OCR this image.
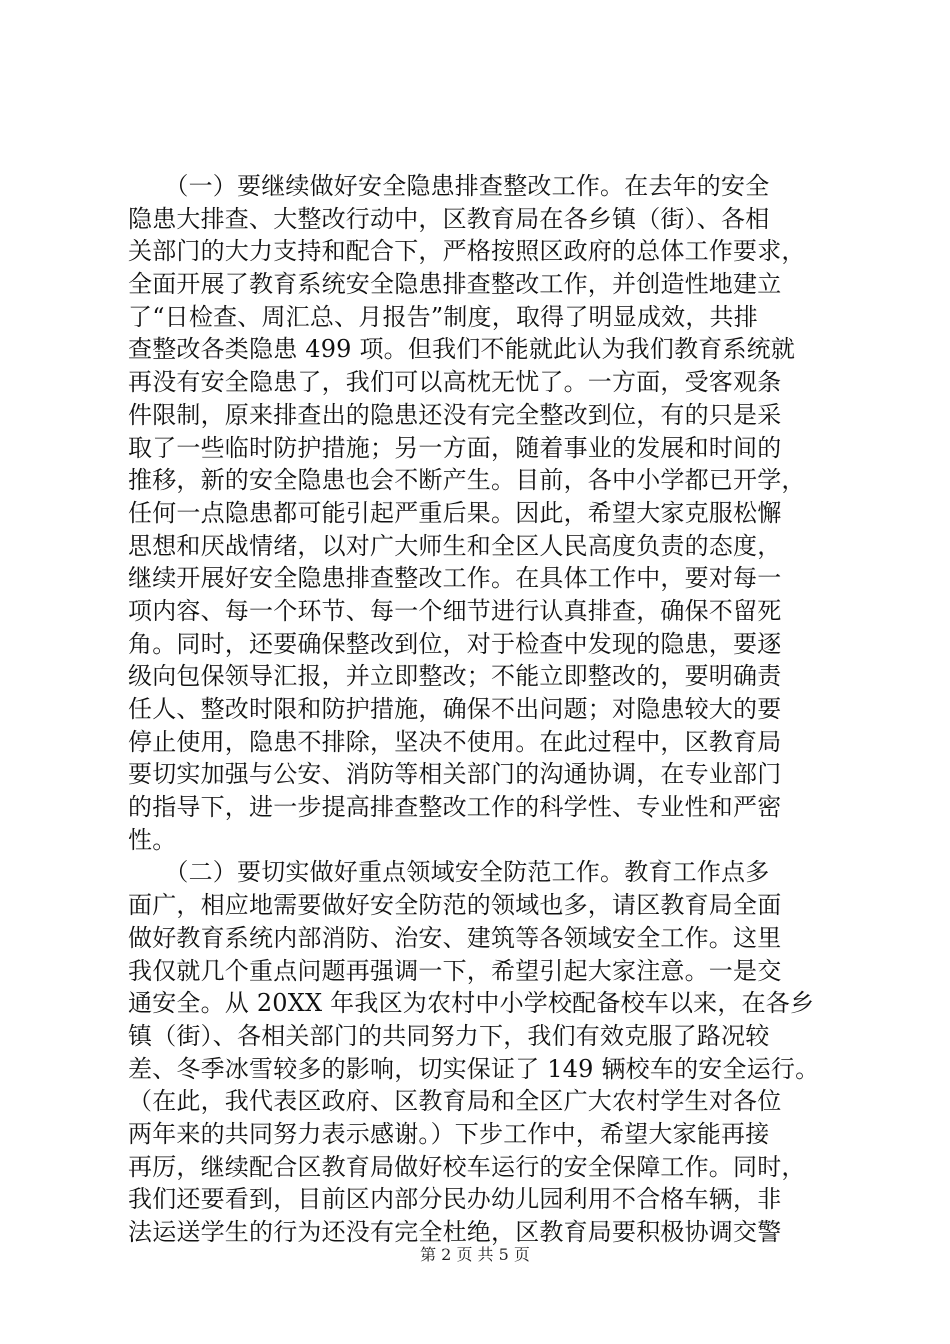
　　（一）要继续做好安全隐患排查整改工作。在去年的安全
隐患大排查、大整改行动中，区教育局在各乡镇（街）、各相
关部门的大力支持和配合下，严格按照区政府的总体工作要求，
全面开展了教育系统安全隐患排查整改工作，并创造性地建立
了“日检查、周汇总、月报告”制度，取得了明显成效，共排
查整改各类隐患 499 项。但我们不能就此认为我们教育系统就
再没有安全隐患了，我们可以高枕无忧了。一方面，受客观条
件限制，原来排查出的隐患还没有完全整改到位，有的只是采
取了一些临时防护措施；另一方面，随着事业的发展和时间的
推移，新的安全隐患也会不断产生。目前，各中小学都已开学，
任何一点隐患都可能引起严重后果。因此，希望大家克服松懈
思想和厌战情绪，以对广大师生和全区人民高度负责的态度，
继续开展好安全隐患排查整改工作。在具体工作中，要对每一
项内容、每一个环节、每一个细节进行认真排查，确保不留死
角。同时，还要确保整改到位，对于检查中发现的隐患，要逐
级向包保领导汇报，并立即整改；不能立即整改的，要明确责
任人、整改时限和防护措施，确保不出问题；对隐患较大的要
停止使用，隐患不排除，坚决不使用。在此过程中，区教育局
要切实加强与公安、消防等相关部门的沟通协调，在专业部门
的指导下，进一步提高排查整改工作的科学性、专业性和严密
性。
　　（二）要切实做好重点领域安全防范工作。教育工作点多
面广，相应地需要做好安全防范的领域也多，请区教育局全面
做好教育系统内部消防、治安、建筑等各领域安全工作。这里
我仅就几个重点问题再强调一下，希望引起大家注意。一是交
通安全。从 20XX 年我区为农村中小学校配备校车以来，在各乡
镇（街）、各相关部门的共同努力下，我们有效克服了路况较
差、冬季冰雪较多的影响，切实保证了 149 辆校车的安全运行。
（在此，我代表区政府、区教育局和全区广大农村学生对各位
两年来的共同努力表示感谢。）下步工作中，希望大家能再接
再厉，继续配合区教育局做好校车运行的安全保障工作。同时，
我们还要看到，目前区内部分民办幼儿园利用不合格车辆，非
法运送学生的行为还没有完全杜绝，区教育局要积极协调交警
第 2 页 共 5 页
